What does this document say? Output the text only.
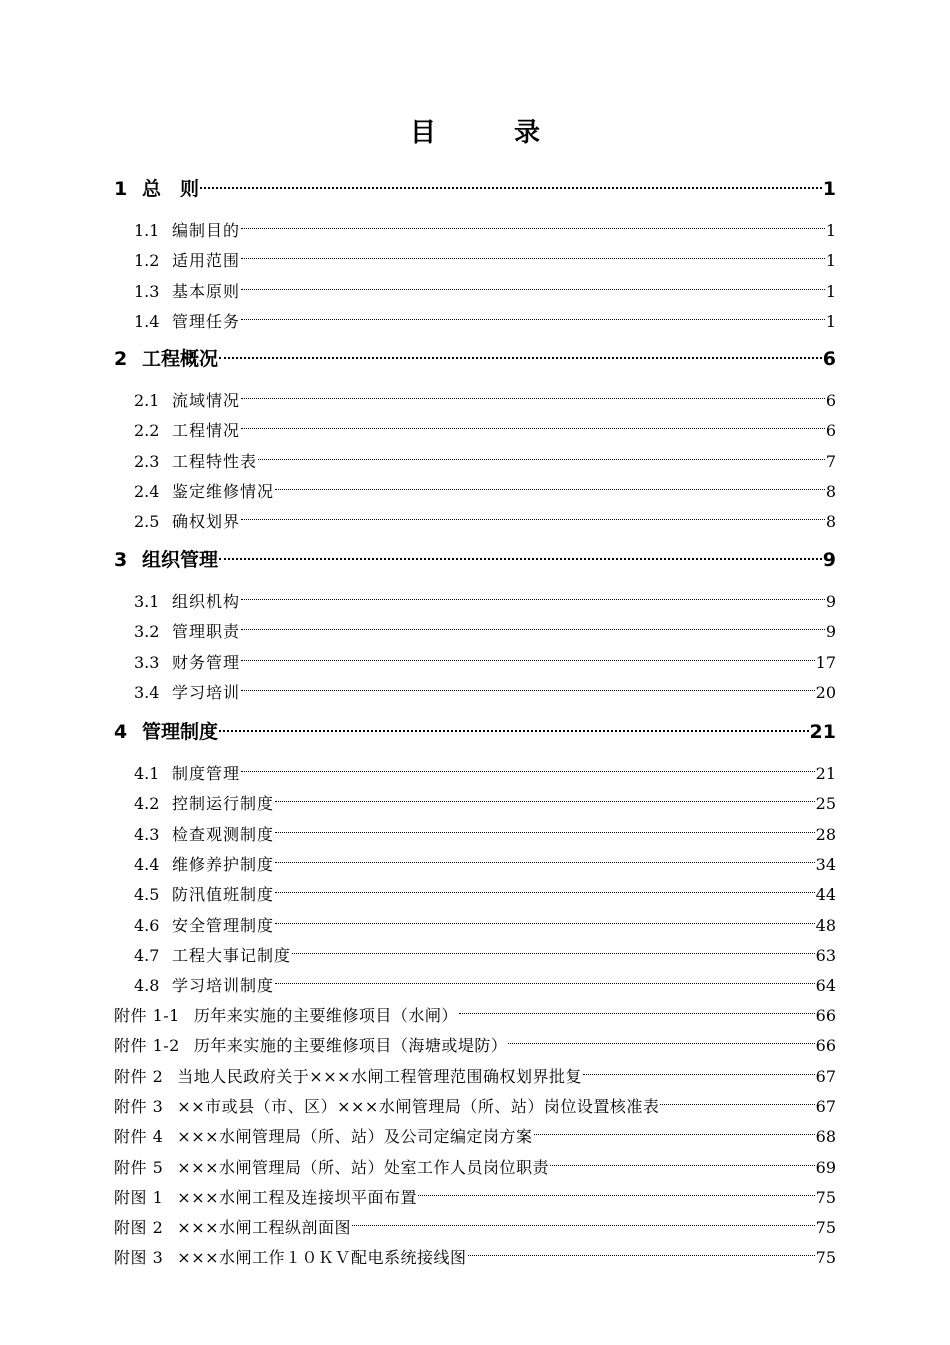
目　录
1 总　则	1
1.1 编制目的	1
1.2 适用范围	1
1.3 基本原则	1
1.4 管理任务	1
2 工程概况	6
2.1 流域情况	6
2.2 工程情况	6
2.3 工程特性表	7
2.4 鉴定维修情况	8
2.5 确权划界	8
3 组织管理	9
3.1 组织机构	9
3.2 管理职责	9
3.3 财务管理	17
3.4 学习培训	20
4 管理制度	21
4.1 制度管理	21
4.2 控制运行制度	25
4.3 检查观测制度	28
4.4 维修养护制度	34
4.5 防汛值班制度	44
4.6 安全管理制度	48
4.7 工程大事记制度	63
4.8 学习培训制度	64
附件 1-1 历年来实施的主要维修项目（水闸）	66
附件 1-2 历年来实施的主要维修项目（海塘或堤防）	66
附件 2 当地人民政府关于×××水闸工程管理范围确权划界批复	67
附件 3 ××市或县（市、区）×××水闸管理局（所、站）岗位设置核准表	67
附件 4 ×××水闸管理局（所、站）及公司定编定岗方案	68
附件 5 ×××水闸管理局（所、站）处室工作人员岗位职责	69
附图 1 ×××水闸工程及连接坝平面布置	75
附图 2 ×××水闸工程纵剖面图	75
附图 3 ×××水闸工作１０ＫＶ配电系统接线图	75
